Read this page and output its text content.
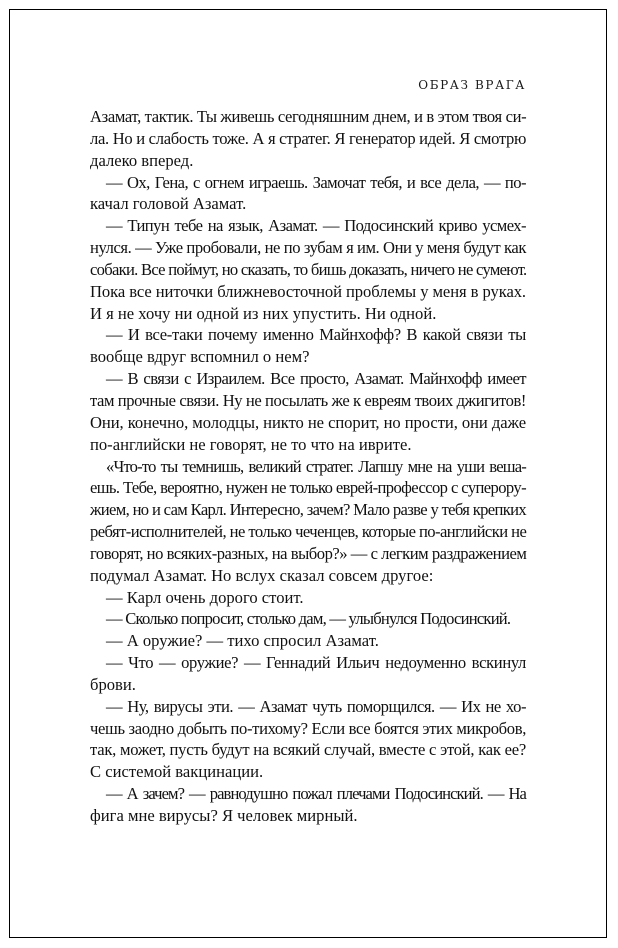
ОБРАЗ ВРАГА
Азамат, тактик. Ты живешь сегодняшним днем, и в этом твоя си-
ла. Но и слабость тоже. А я стратег. Я генератор идей. Я смотрю
далеко вперед.
— Ох, Гена, с огнем играешь. Замочат тебя, и все дела, — по-
качал головой Азамат.
— Типун тебе на язык, Азамат. — Подосинский криво усмех-
нулся. — Уже пробовали, не по зубам я им. Они у меня будут как
собаки. Все поймут, но сказать, то бишь доказать, ничего не сумеют.
Пока все ниточки ближневосточной проблемы у меня в руках.
И я не хочу ни одной из них упустить. Ни одной.
— И все-таки почему именно Майнхофф? В какой связи ты
вообще вдруг вспомнил о нем?
— В связи с Израилем. Все просто, Азамат. Майнхофф имеет
там прочные связи. Ну не посылать же к евреям твоих джигитов!
Они, конечно, молодцы, никто не спорит, но прости, они даже
по-английски не говорят, не то что на иврите.
«Что-то ты темнишь, великий стратег. Лапшу мне на уши веша-
ешь. Тебе, вероятно, нужен не только еврей-профессор с суперору-
жием, но и сам Карл. Интересно, зачем? Мало разве у тебя крепких
ребят-исполнителей, не только чеченцев, которые по-английски не
говорят, но всяких-разных, на выбор?» — с легким раздражением
подумал Азамат. Но вслух сказал совсем другое:
— Карл очень дорого стоит.
— Сколько попросит, столько дам, — улыбнулся Подосинский.
— А оружие? — тихо спросил Азамат.
— Что — оружие? — Геннадий Ильич недоуменно вскинул
брови.
— Ну, вирусы эти. — Азамат чуть поморщился. — Их не хо-
чешь заодно добыть по-тихому? Если все боятся этих микробов,
так, может, пусть будут на всякий случай, вместе с этой, как ее?
С системой вакцинации.
— А зачем? — равнодушно пожал плечами Подосинский. — На
фига мне вирусы? Я человек мирный.
